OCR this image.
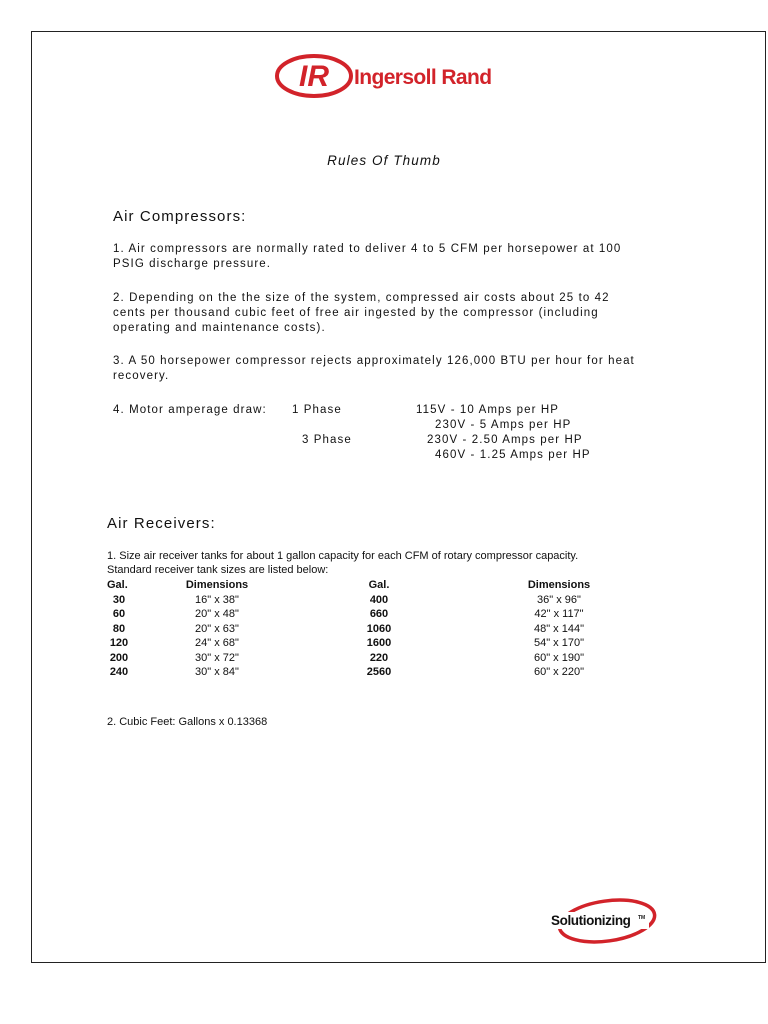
IR Ingersoll Rand
Rules Of Thumb
Air Compressors:
1. Air compressors are normally rated to deliver 4 to 5 CFM per horsepower at 100
PSIG discharge pressure.
2. Depending on the the size of the system, compressed air costs about 25 to 42
cents per thousand cubic feet of free air ingested by the compressor (including
operating and maintenance costs).
3. A 50 horsepower compressor rejects approximately 126,000 BTU per hour for heat
recovery.
4. Motor amperage draw: 1 Phase	115V - 10 Amps per HP
230V - 5 Amps per HP
3 Phase	230V - 2.50 Amps per HP
460V - 1.25 Amps per HP
Air Receivers:
1. Size air receiver tanks for about 1 gallon capacity for each CFM of rotary compressor capacity.
Standard receiver tank sizes are listed below:
Gal.	Dimensions	Gal.	Dimensions
30	16" x 38"	400	36" x 96"
60	20" x 48"	660	42" x 117"
80	20" x 63"	1060	48" x 144"
120	24" x 68"	1600	54" x 170"
200	30" x 72"	220	60" x 190"
240	30" x 84"	2560	60" x 220"
2. Cubic Feet: Gallons x 0.13368
Solutionizing TM
